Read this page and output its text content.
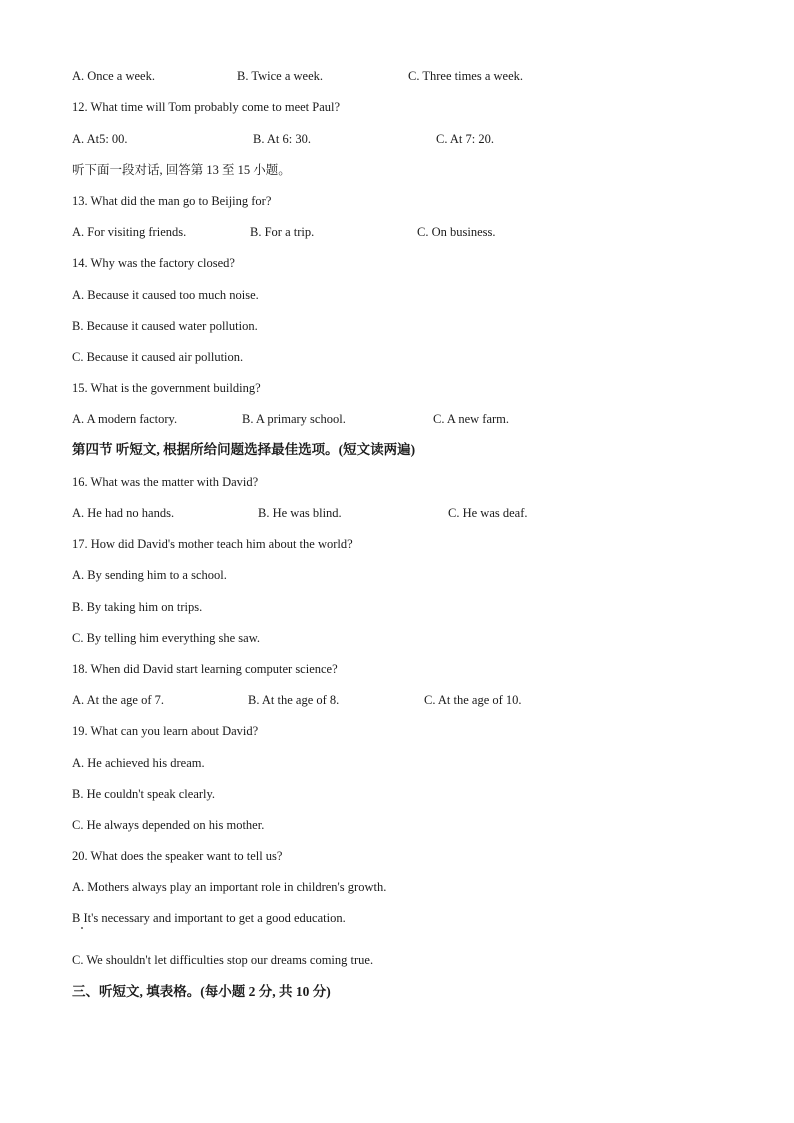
A. Once a week.	B. Twice a week.	C. Three times a week.
12. What time will Tom probably come to meet Paul?
A. At5: 00.	B. At 6: 30.	C. At 7: 20.
听下面一段对话, 回答第 13 至 15 小题。
13. What did the man go to Beijing for?
A. For visiting friends.	B. For a trip.	C. On business.
14. Why was the factory closed?
A. Because it caused too much noise.
B. Because it caused water pollution.
C. Because it caused air pollution.
15. What is the government building?
A. A modern factory.	B. A primary school.	C. A new farm.
第四节 听短文, 根据所给问题选择最佳选项。(短文读两遍)
16. What was the matter with David?
A. He had no hands.	B. He was blind.	C. He was deaf.
17. How did David's mother teach him about the world?
A. By sending him to a school.
B. By taking him on trips.
C. By telling him everything she saw.
18. When did David start learning computer science?
A. At the age of 7.	B. At the age of 8.	C. At the age of 10.
19. What can you learn about David?
A. He achieved his dream.
B. He couldn't speak clearly.
C. He always depended on his mother.
20. What does the speaker want to tell us?
A. Mothers always play an important role in children's growth.
B It's necessary and important to get a good education.
C. We shouldn't let difficulties stop our dreams coming true.
三、听短文, 填表格。(每小题 2 分, 共 10 分)
